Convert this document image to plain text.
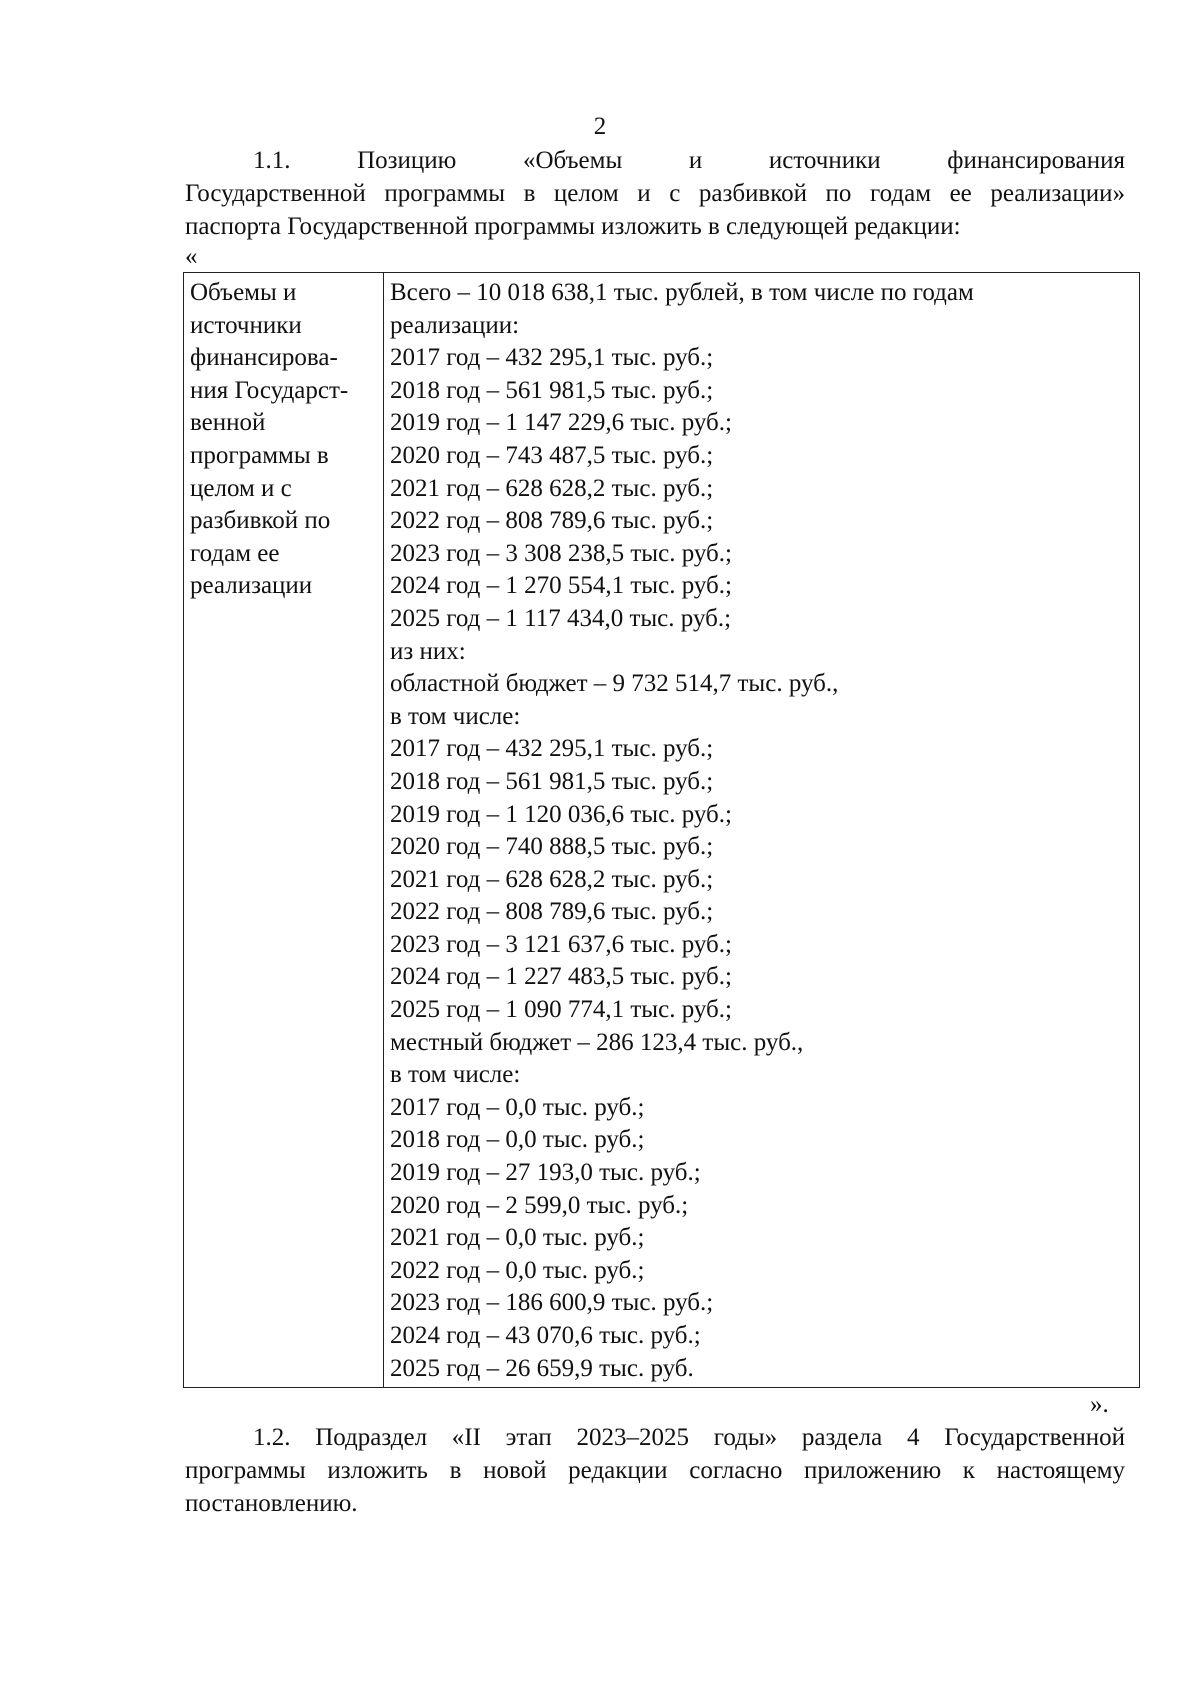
2
1.1. Позицию «Объемы и источники финансирования
Государственной программы в целом и с разбивкой по годам ее реализации»
паспорта Государственной программы изложить в следующей редакции:
«
Объемы и
источники
финансирова-
ния Государст-
венной
программы в
целом и с
разбивкой по
годам ее
реализации
Всего – 10 018 638,1 тыс. рублей, в том числе по годам
реализации:
2017 год – 432 295,1 тыс. руб.;
2018 год – 561 981,5 тыс. руб.;
2019 год – 1 147 229,6 тыс. руб.;
2020 год – 743 487,5 тыс. руб.;
2021 год – 628 628,2 тыс. руб.;
2022 год – 808 789,6 тыс. руб.;
2023 год – 3 308 238,5 тыс. руб.;
2024 год – 1 270 554,1 тыс. руб.;
2025 год – 1 117 434,0 тыс. руб.;
из них:
областной бюджет – 9 732 514,7 тыс. руб.,
в том числе:
2017 год – 432 295,1 тыс. руб.;
2018 год – 561 981,5 тыс. руб.;
2019 год – 1 120 036,6 тыс. руб.;
2020 год – 740 888,5 тыс. руб.;
2021 год – 628 628,2 тыс. руб.;
2022 год – 808 789,6 тыс. руб.;
2023 год – 3 121 637,6 тыс. руб.;
2024 год – 1 227 483,5 тыс. руб.;
2025 год – 1 090 774,1 тыс. руб.;
местный бюджет – 286 123,4 тыс. руб.,
в том числе:
2017 год – 0,0 тыс. руб.;
2018 год – 0,0 тыс. руб.;
2019 год – 27 193,0 тыс. руб.;
2020 год – 2 599,0 тыс. руб.;
2021 год – 0,0 тыс. руб.;
2022 год – 0,0 тыс. руб.;
2023 год – 186 600,9 тыс. руб.;
2024 год – 43 070,6 тыс. руб.;
2025 год – 26 659,9 тыс. руб.
».
1.2. Подраздел «II этап 2023–2025 годы» раздела 4 Государственной
программы изложить в новой редакции согласно приложению к настоящему
постановлению.
